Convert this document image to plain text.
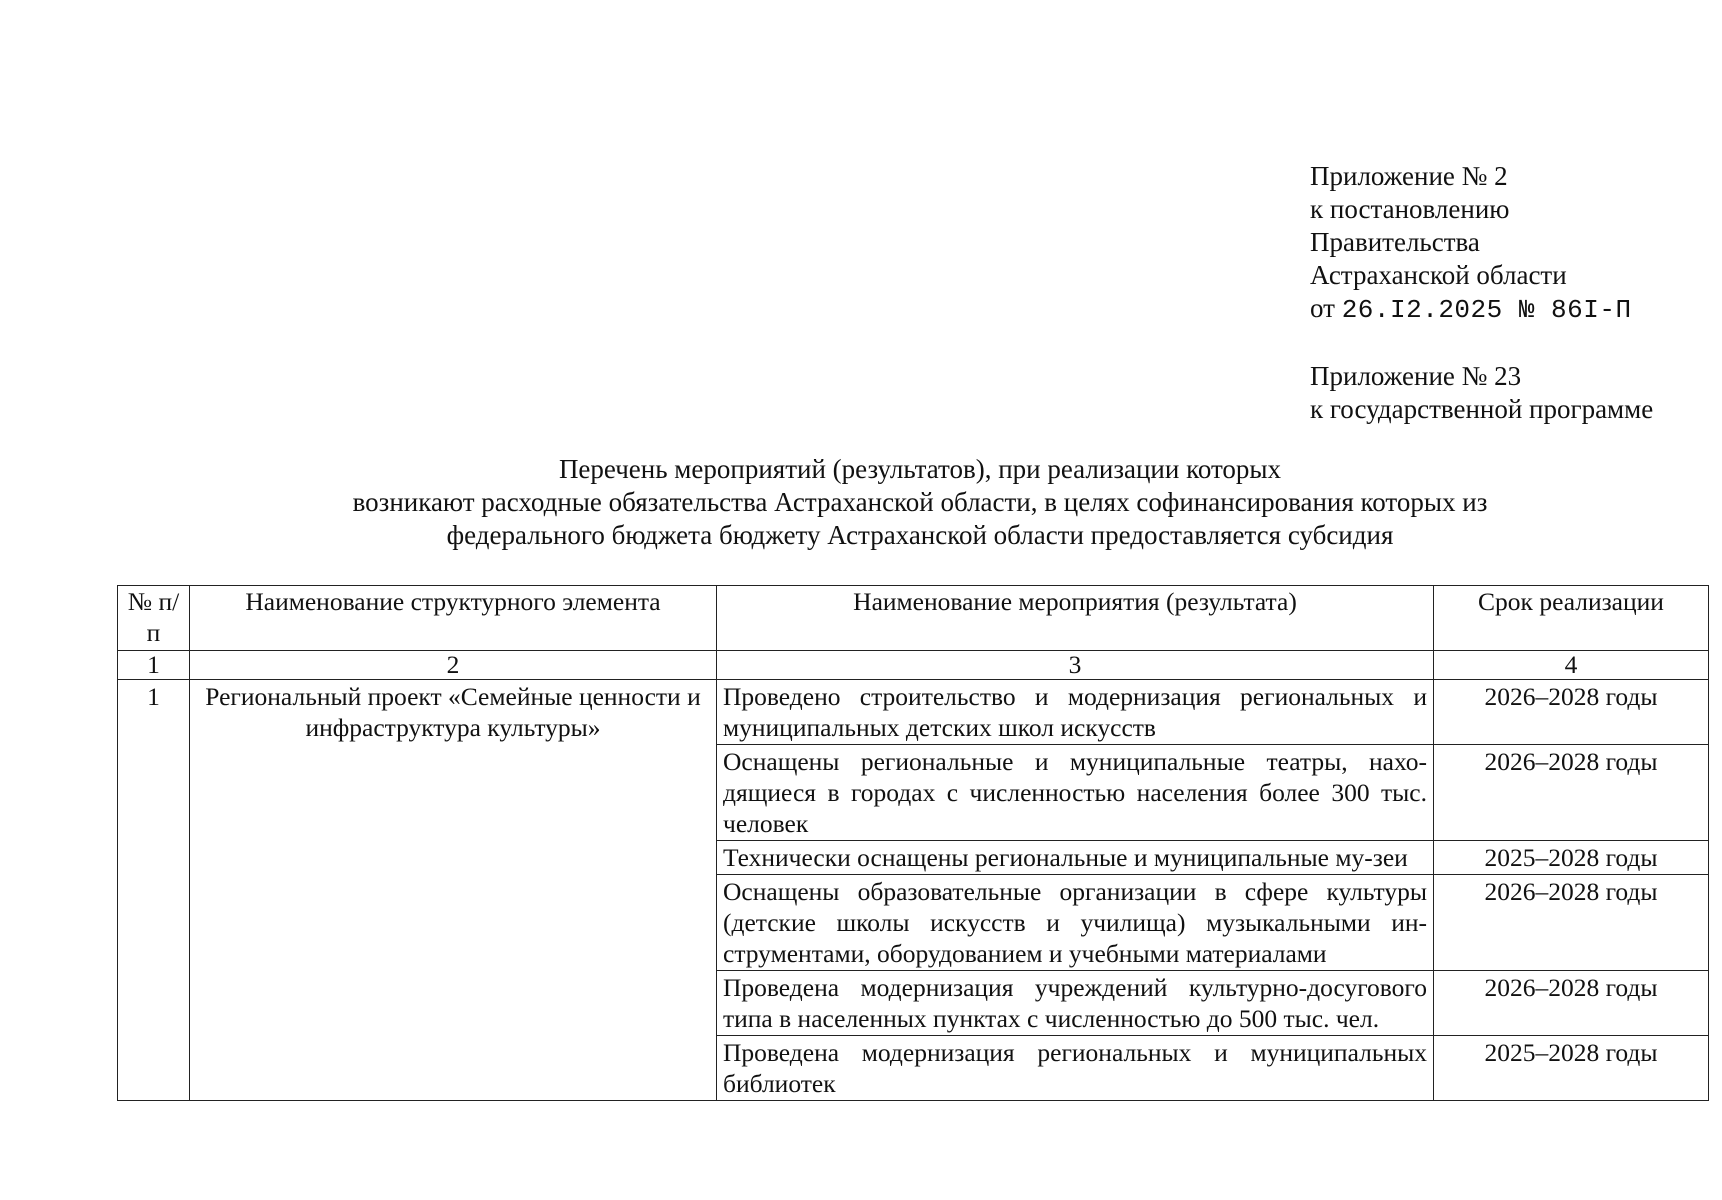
Приложение № 2
к постановлению
Правительства
Астраханской области
от 26.I2.2025 № 86I-П
Приложение № 23
к государственной программе
Перечень мероприятий (результатов), при реализации которых
возникают расходные обязательства Астраханской области, в целях софинансирования которых из
федерального бюджета бюджету Астраханской области предоставляется субсидия
№ п/п	Наименование структурного элемента	Наименование мероприятия (результата)	Срок реализации
1	2	3	4
1	Региональный проект «Семейные ценности и инфраструктура культуры»	Проведено строительство и модернизация региональных и муниципальных детских школ искусств	2026–2028 годы
		Оснащены региональные и муниципальные театры, нахо-дящиеся в городах с численностью населения более 300 тыс. человек	2026–2028 годы
		Технически оснащены региональные и муниципальные му-зеи	2025–2028 годы
		Оснащены образовательные организации в сфере культуры (детские школы искусств и училища) музыкальными ин-струментами, оборудованием и учебными материалами	2026–2028 годы
		Проведена модернизация учреждений культурно-досугового типа в населенных пунктах с численностью до 500 тыс. чел.	2026–2028 годы
		Проведена модернизация региональных и муниципальных библиотек	2025–2028 годы
